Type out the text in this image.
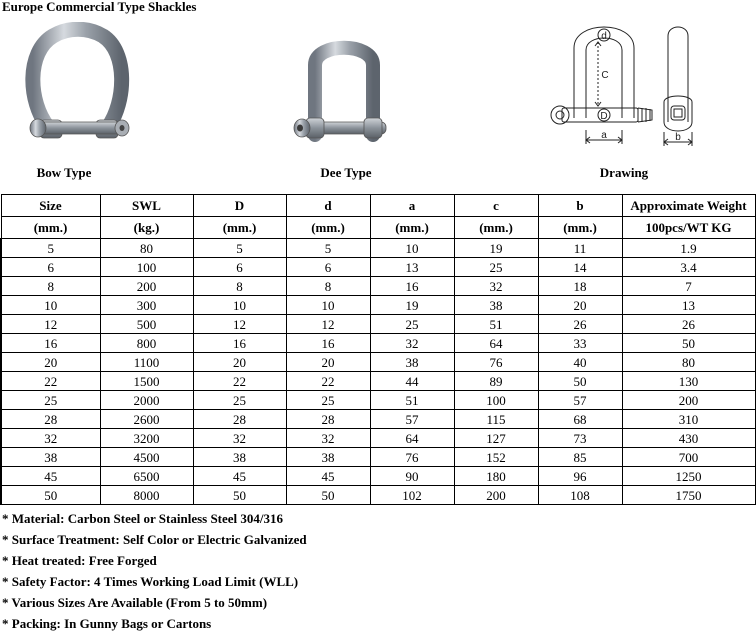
Europe Commercial Type Shackles
Bow Type	Dee Type
d
C
D
a	b
Drawing
Size	SWL	D	d	a	c	b	Approximate Weight
(mm.)	(kg.)	(mm.)	(mm.)	(mm.)	(mm.)	(mm.)	100pcs/WT KG
5	80	5	5	10	19	11	1.9
6	100	6	6	13	25	14	3.4
8	200	8	8	16	32	18	7
10	300	10	10	19	38	20	13
12	500	12	12	25	51	26	26
16	800	16	16	32	64	33	50
20	1100	20	20	38	76	40	80
22	1500	22	22	44	89	50	130
25	2000	25	25	51	100	57	200
28	2600	28	28	57	115	68	310
32	3200	32	32	64	127	73	430
38	4500	38	38	76	152	85	700
45	6500	45	45	90	180	96	1250
50	8000	50	50	102	200	108	1750
* Material: Carbon Steel or Stainless Steel 304/316
* Surface Treatment: Self Color or Electric Galvanized
* Heat treated: Free Forged
* Safety Factor: 4 Times Working Load Limit (WLL)
* Various Sizes Are Available (From 5 to 50mm)
* Packing: In Gunny Bags or Cartons
